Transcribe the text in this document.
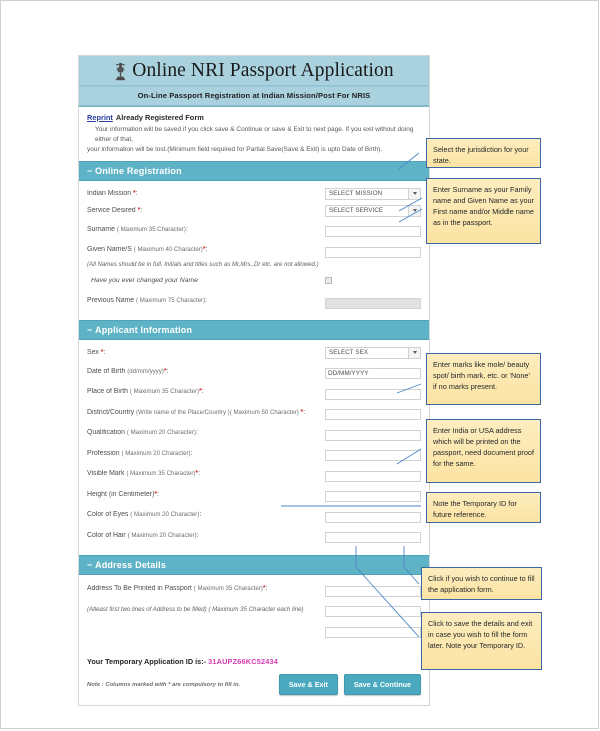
Online NRI Passport Application
On-Line Passport Registration at Indian Mission/Post For NRIS
Reprint Already Registered Form
Your information will be saved if you click save & Continue or save & Exit to next page. If you exit without doing either of that,
your information will be lost.(Minimum field required for Partial Save(Save & Exit) is upto Date of Birth).
− Online Registration
Indian Mission *:	SELECT MISSION
Service Desired *:	SELECT SERVICE
Surname ( Maximum 35 Character):
Given Name/S ( Maximum 40 Character)*:
(All Names should be in full. Initials and titles such as Mr,Mrs.,Dr etc. are not allowed.)
Have you ever changed your Name
Previous Name ( Maximum 75 Character):
− Applicant Information
Sex *:	SELECT SEX
Date of Birth (dd/mm/yyyy)*:
DD/MM/YYYY
Place of Birth ( Maximum 35 Character)*:
District/Country (Write name of the Place/Country )( Maximum 50 Character) *:
Qualification ( Maximum 20 Character):
Profession ( Maximum 20 Character):
Visible Mark ( Maximum 35 Character)*:
Height (in Centimeter)*:
Color of Eyes ( Maximum 20 Character):
Color of Hair ( Maximum 20 Character):
− Address Details
Address To Be Printed in Passport ( Maximum 35 Character)*:
(Atleast first two lines of Address to be filled) ( Maximum 35 Character each line)
Your Temporary Application ID is:- 31AUPZ66KC52434
Note : Columns marked with * are compulsory to fill in.	Save & Exit	Save & Continue
Select the jurisdiction for your state.
Enter Surname as your Family name and Given Name as your First name and/or Middle name as in the passport.
Enter marks like mole/ beauty spot/ birth mark, etc. or 'None' if no marks present.
Enter India or USA address which will be printed on the passport, need document proof for the same.
Note the Temporary ID for future reference.
Click if you wish to continue to fill the application form.
Click to save the details and exit in case you wish to fill the form later. Note your Temporary ID.
